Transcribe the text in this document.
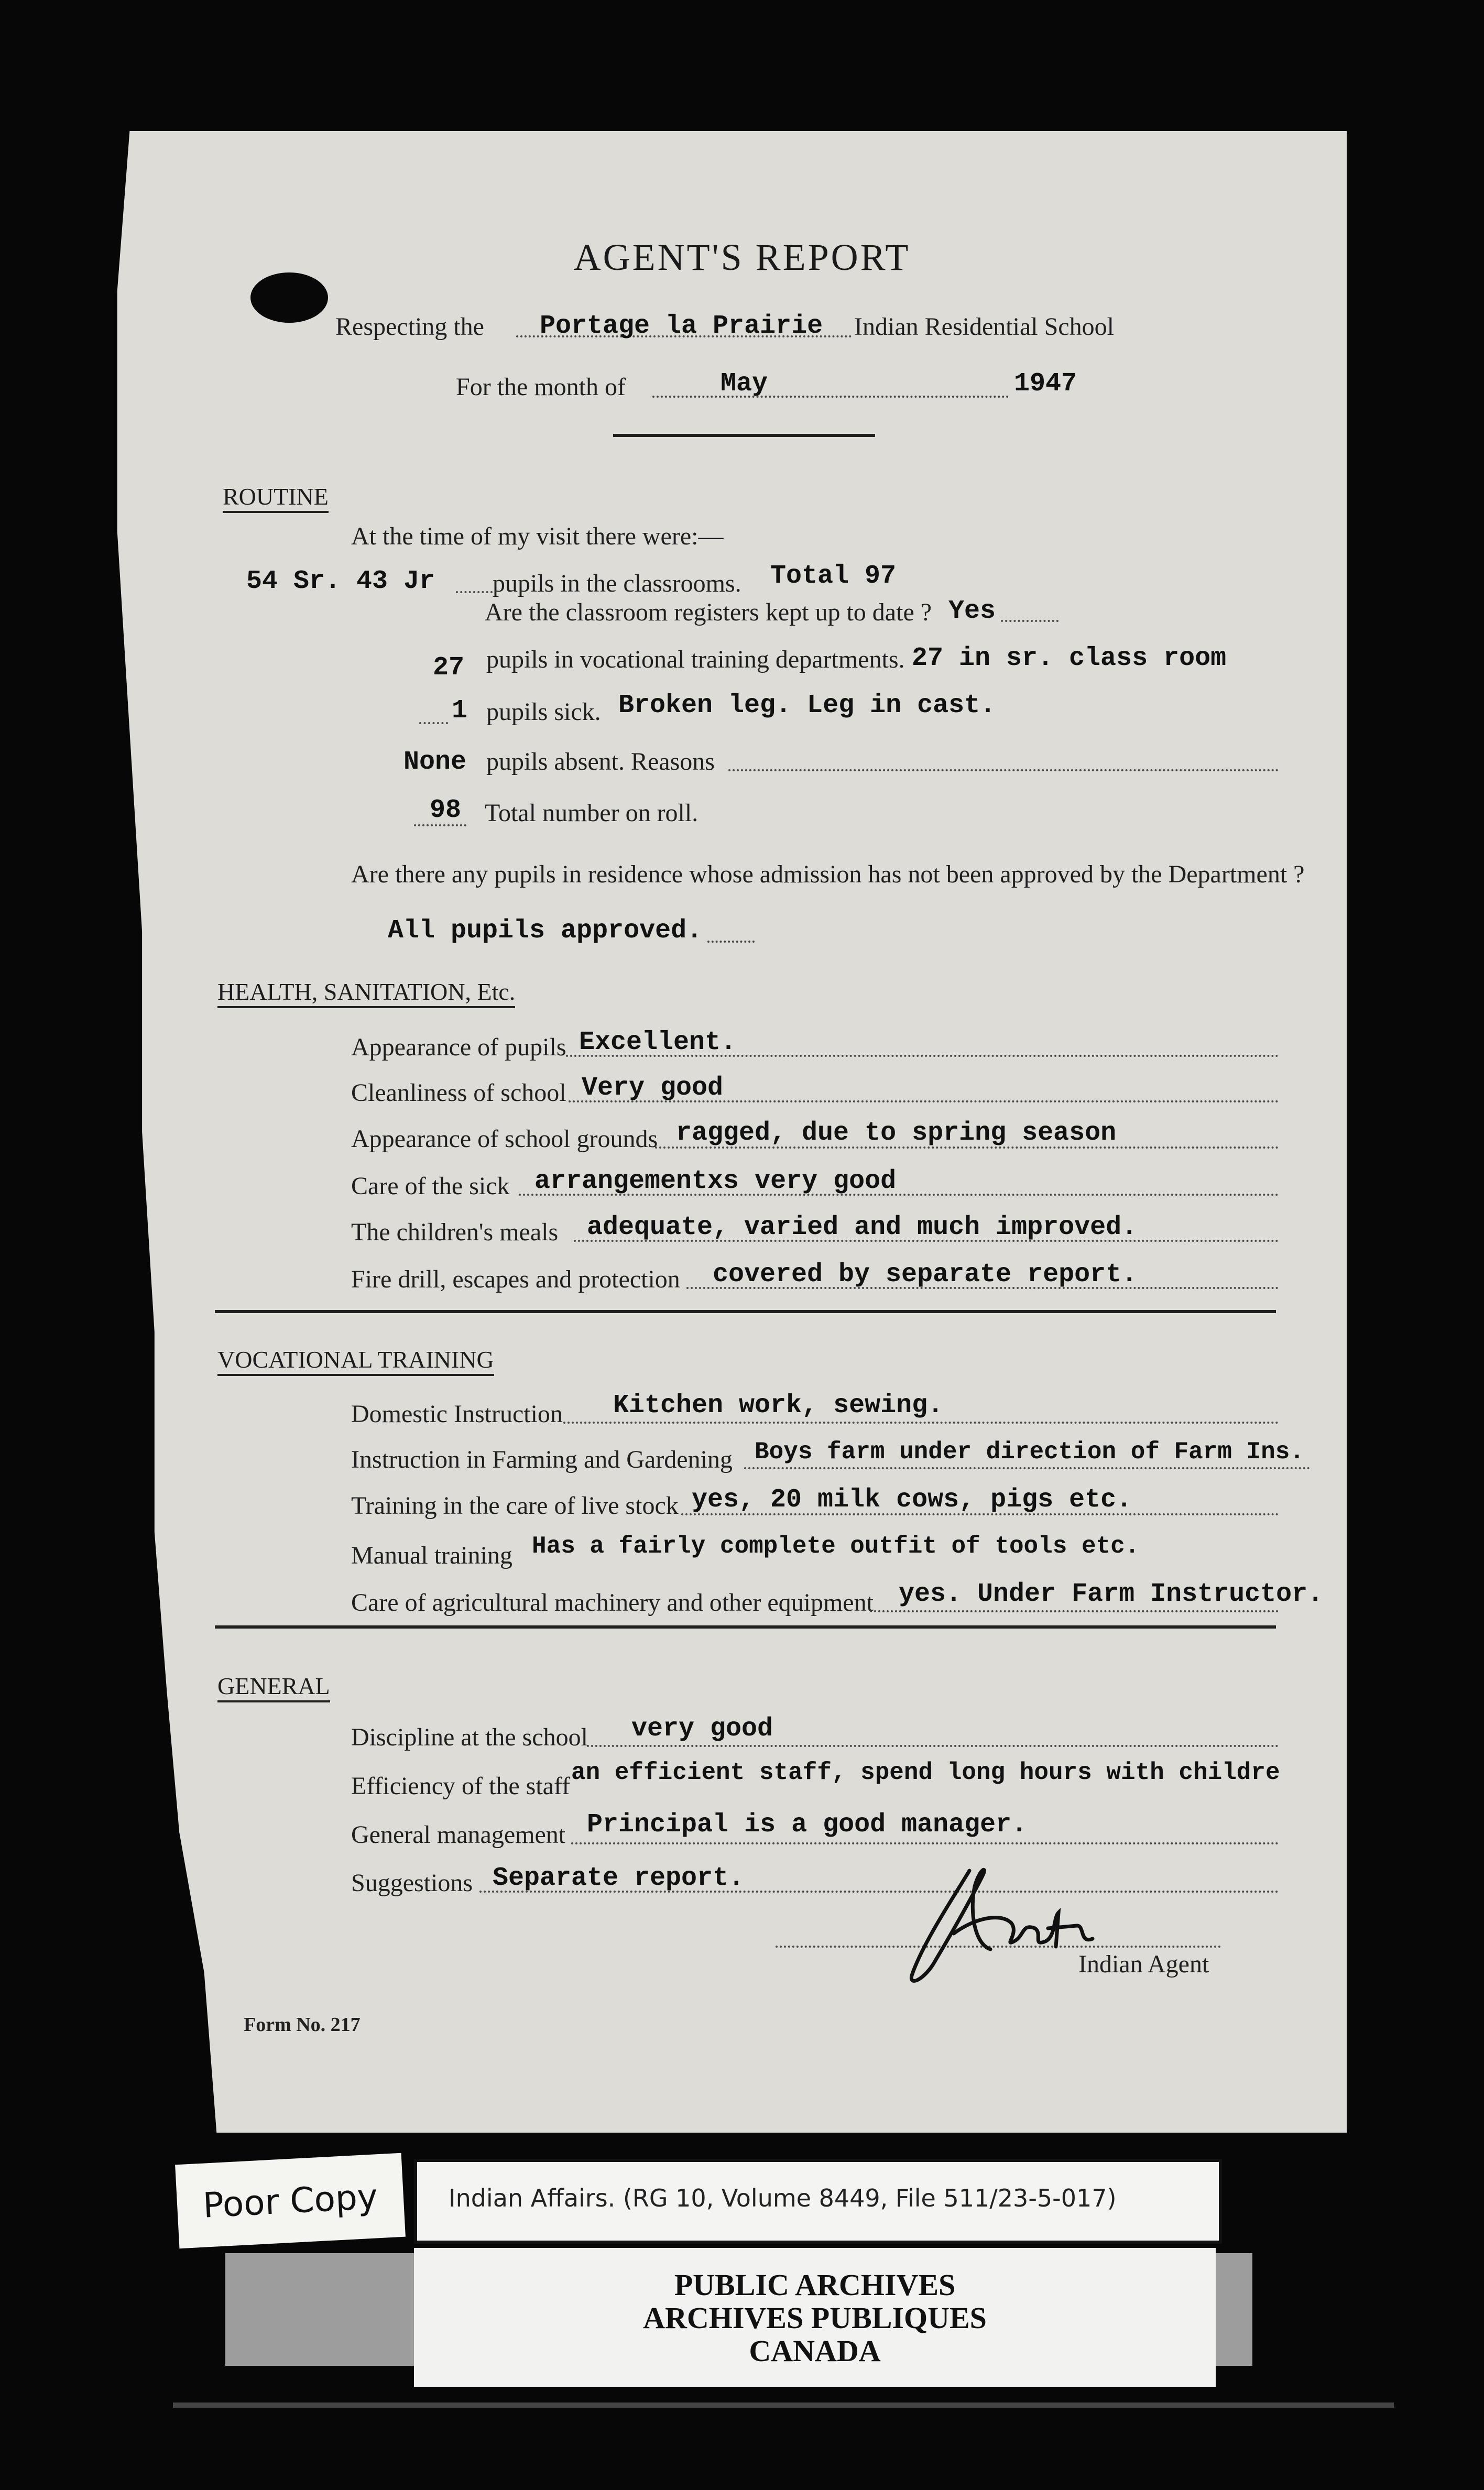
AGENT'S REPORT
Respecting the Portage la Prairie Indian Residential School
For the month of	May	1947
ROUTINE
At the time of my visit there were:—
54 Sr. 43 Jr pupils in the classrooms. Total 97
Are the classroom registers kept up to date ? Yes
27 pupils in vocational training departments. 27 in sr. class room
1 pupils sick. Broken leg. Leg in cast.
None pupils absent. Reasons
98 Total number on roll.
Are there any pupils in residence whose admission has not been approved by the Department ?
All pupils approved.
HEALTH, SANITATION, Etc.
Appearance of pupils Excellent.
Cleanliness of school Very good
Appearance of school grounds ragged, due to spring season
Care of the sick arrangementxs very good
The children's meals adequate, varied and much improved.
Fire drill, escapes and protection covered by separate report.
VOCATIONAL TRAINING
Domestic Instruction Kitchen work, sewing.
Instruction in Farming and Gardening Boys farm under direction of Farm Ins.
Training in the care of live stock yes, 20 milk cows, pigs etc.
Manual training Has a fairly complete outfit of tools etc.
Care of agricultural machinery and other equipment yes. Under Farm Instructor.
GENERAL
Discipline at the school very good
Efficiency of the staff an efficient staff, spend long hours with childre
General management Principal is a good manager.
Suggestions Separate report.
Indian Agent
Form No. 217
Poor Copy	Indian Affairs. (RG 10, Volume 8449, File 511/23-5-017)
PUBLIC ARCHIVES
ARCHIVES PUBLIQUES
CANADA
